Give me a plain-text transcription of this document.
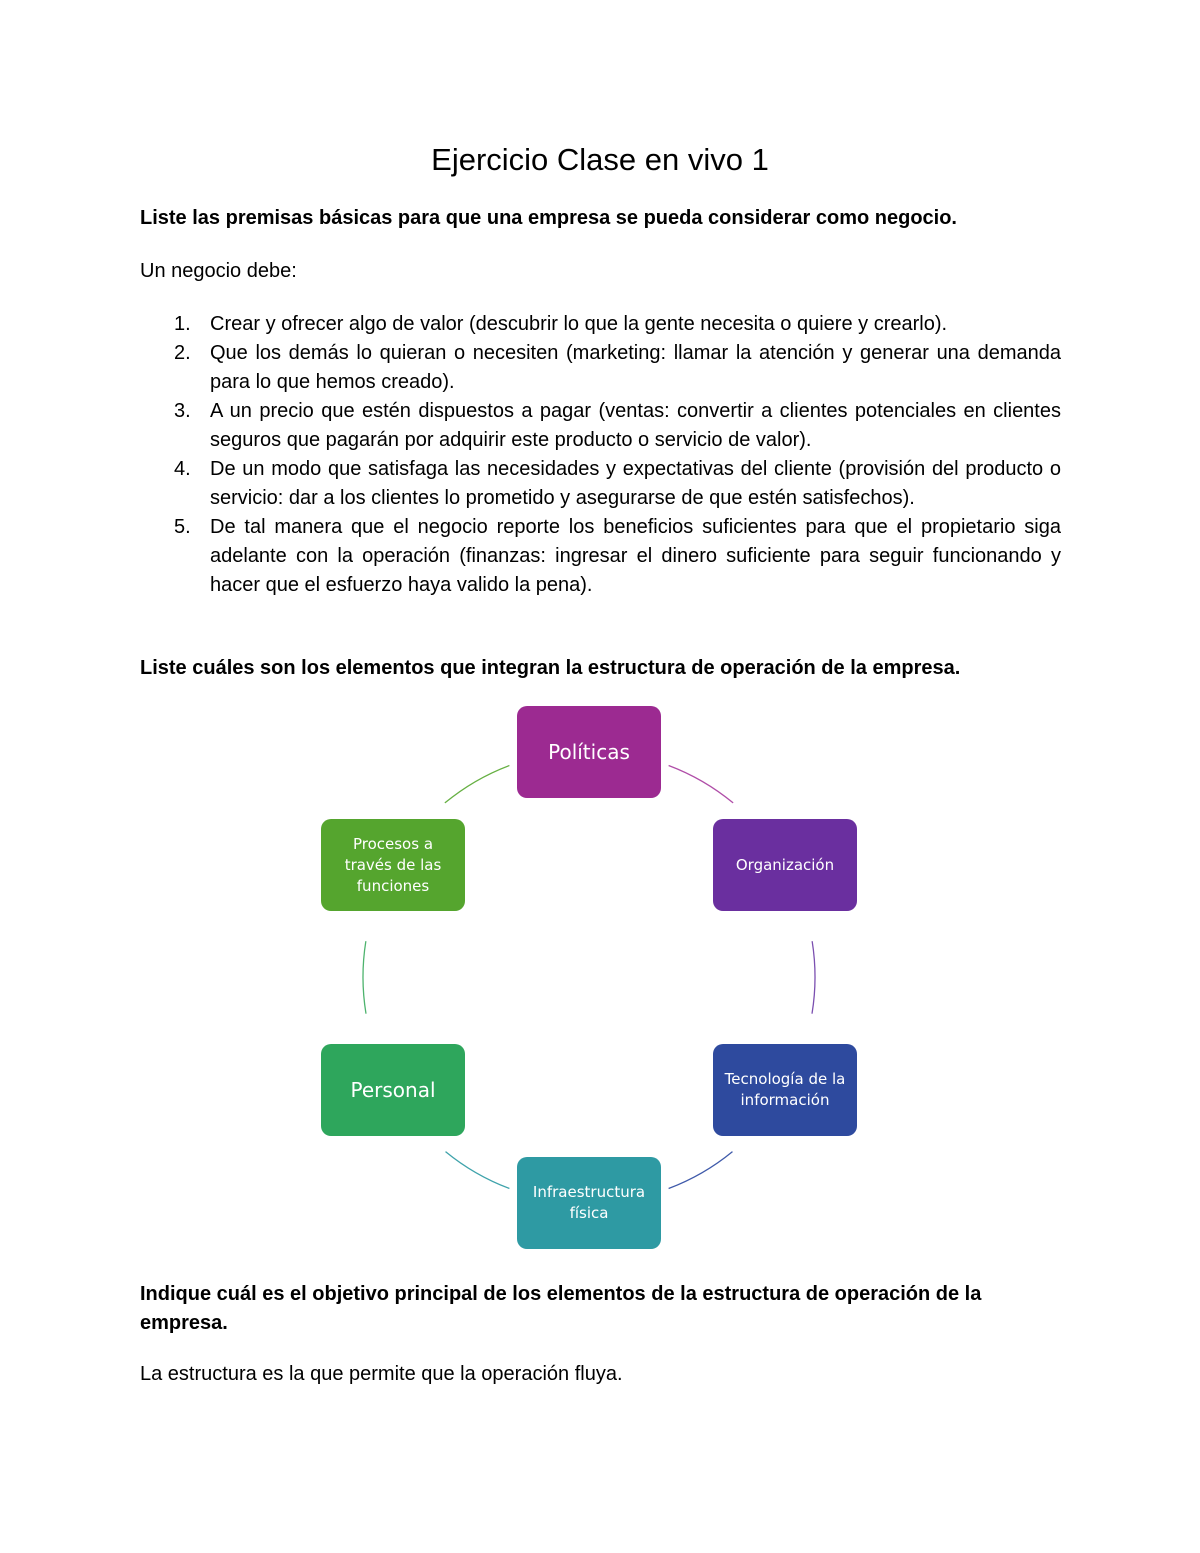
Ejercicio Clase en vivo 1

Liste las premisas básicas para que una empresa se pueda considerar como negocio.

Un negocio debe:

1. Crear y ofrecer algo de valor (descubrir lo que la gente necesita o quiere y crearlo).
2. Que los demás lo quieran o necesiten (marketing: llamar la atención y generar una demanda para lo que hemos creado).
3. A un precio que estén dispuestos a pagar (ventas: convertir a clientes potenciales en clientes seguros que pagarán por adquirir este producto o servicio de valor).
4. De un modo que satisfaga las necesidades y expectativas del cliente (provisión del producto o servicio: dar a los clientes lo prometido y asegurarse de que estén satisfechos).
5. De tal manera que el negocio reporte los beneficios suficientes para que el propietario siga adelante con la operación (finanzas: ingresar el dinero suficiente para seguir funcionando y hacer que el esfuerzo haya valido la pena).

Liste cuáles son los elementos que integran la estructura de operación de la empresa.

Políticas
Organización
Tecnología de la información
Infraestructura física
Personal
Procesos a través de las funciones

Indique cuál es el objetivo principal de los elementos de la estructura de operación de la empresa.

La estructura es la que permite que la operación fluya.
